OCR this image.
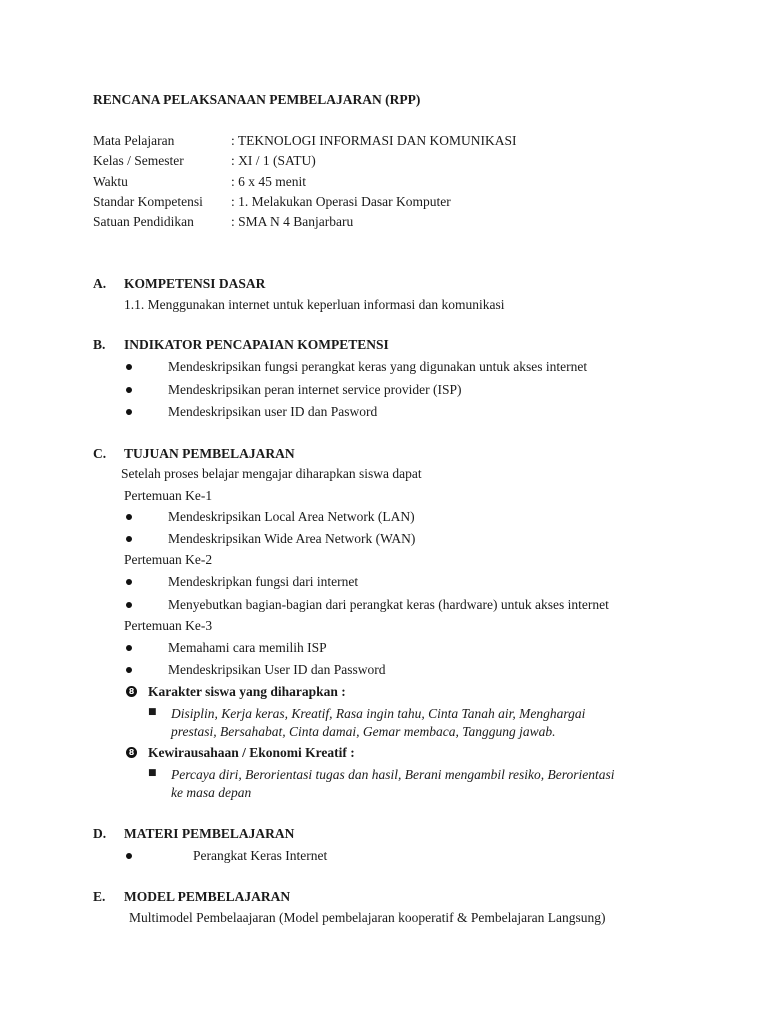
RENCANA PELAKSANAAN PEMBELAJARAN (RPP)
Mata Pelajaran	: TEKNOLOGI INFORMASI DAN KOMUNIKASI
Kelas / Semester	: XI / 1 (SATU)
Waktu	: 6 x 45 menit
Standar Kompetensi : 1. Melakukan Operasi Dasar Komputer
Satuan Pendidikan	: SMA N 4 Banjarbaru
A. KOMPETENSI DASAR
1.1. Menggunakan internet untuk keperluan informasi dan komunikasi
B. INDIKATOR PENCAPAIAN KOMPETENSI
Mendeskripsikan fungsi perangkat keras yang digunakan untuk akses internet
Mendeskripsikan peran internet service provider (ISP)
Mendeskripsikan user ID dan Pasword
C. TUJUAN PEMBELAJARAN
Setelah proses belajar mengajar diharapkan siswa dapat
Pertemuan Ke-1
Mendeskripsikan Local Area Network (LAN)
Mendeskripsikan Wide Area Network (WAN)
Pertemuan Ke-2
Mendeskripkan fungsi dari internet
Menyebutkan bagian-bagian dari perangkat keras (hardware) untuk akses internet
Pertemuan Ke-3
Memahami cara memilih ISP
Mendeskripsikan User ID dan Password
8 Karakter siswa yang diharapkan :
■ Disiplin, Kerja keras, Kreatif, Rasa ingin tahu, Cinta Tanah air, Menghargai
prestasi, Bersahabat, Cinta damai, Gemar membaca, Tanggung jawab.
8 Kewirausahaan / Ekonomi Kreatif :
■ Percaya diri, Berorientasi tugas dan hasil, Berani mengambil resiko, Berorientasi
ke masa depan
D. MATERI PEMBELAJARAN
Perangkat Keras Internet
E. MODEL PEMBELAJARAN
Multimodel Pembelaajaran (Model pembelajaran kooperatif & Pembelajaran Langsung)
